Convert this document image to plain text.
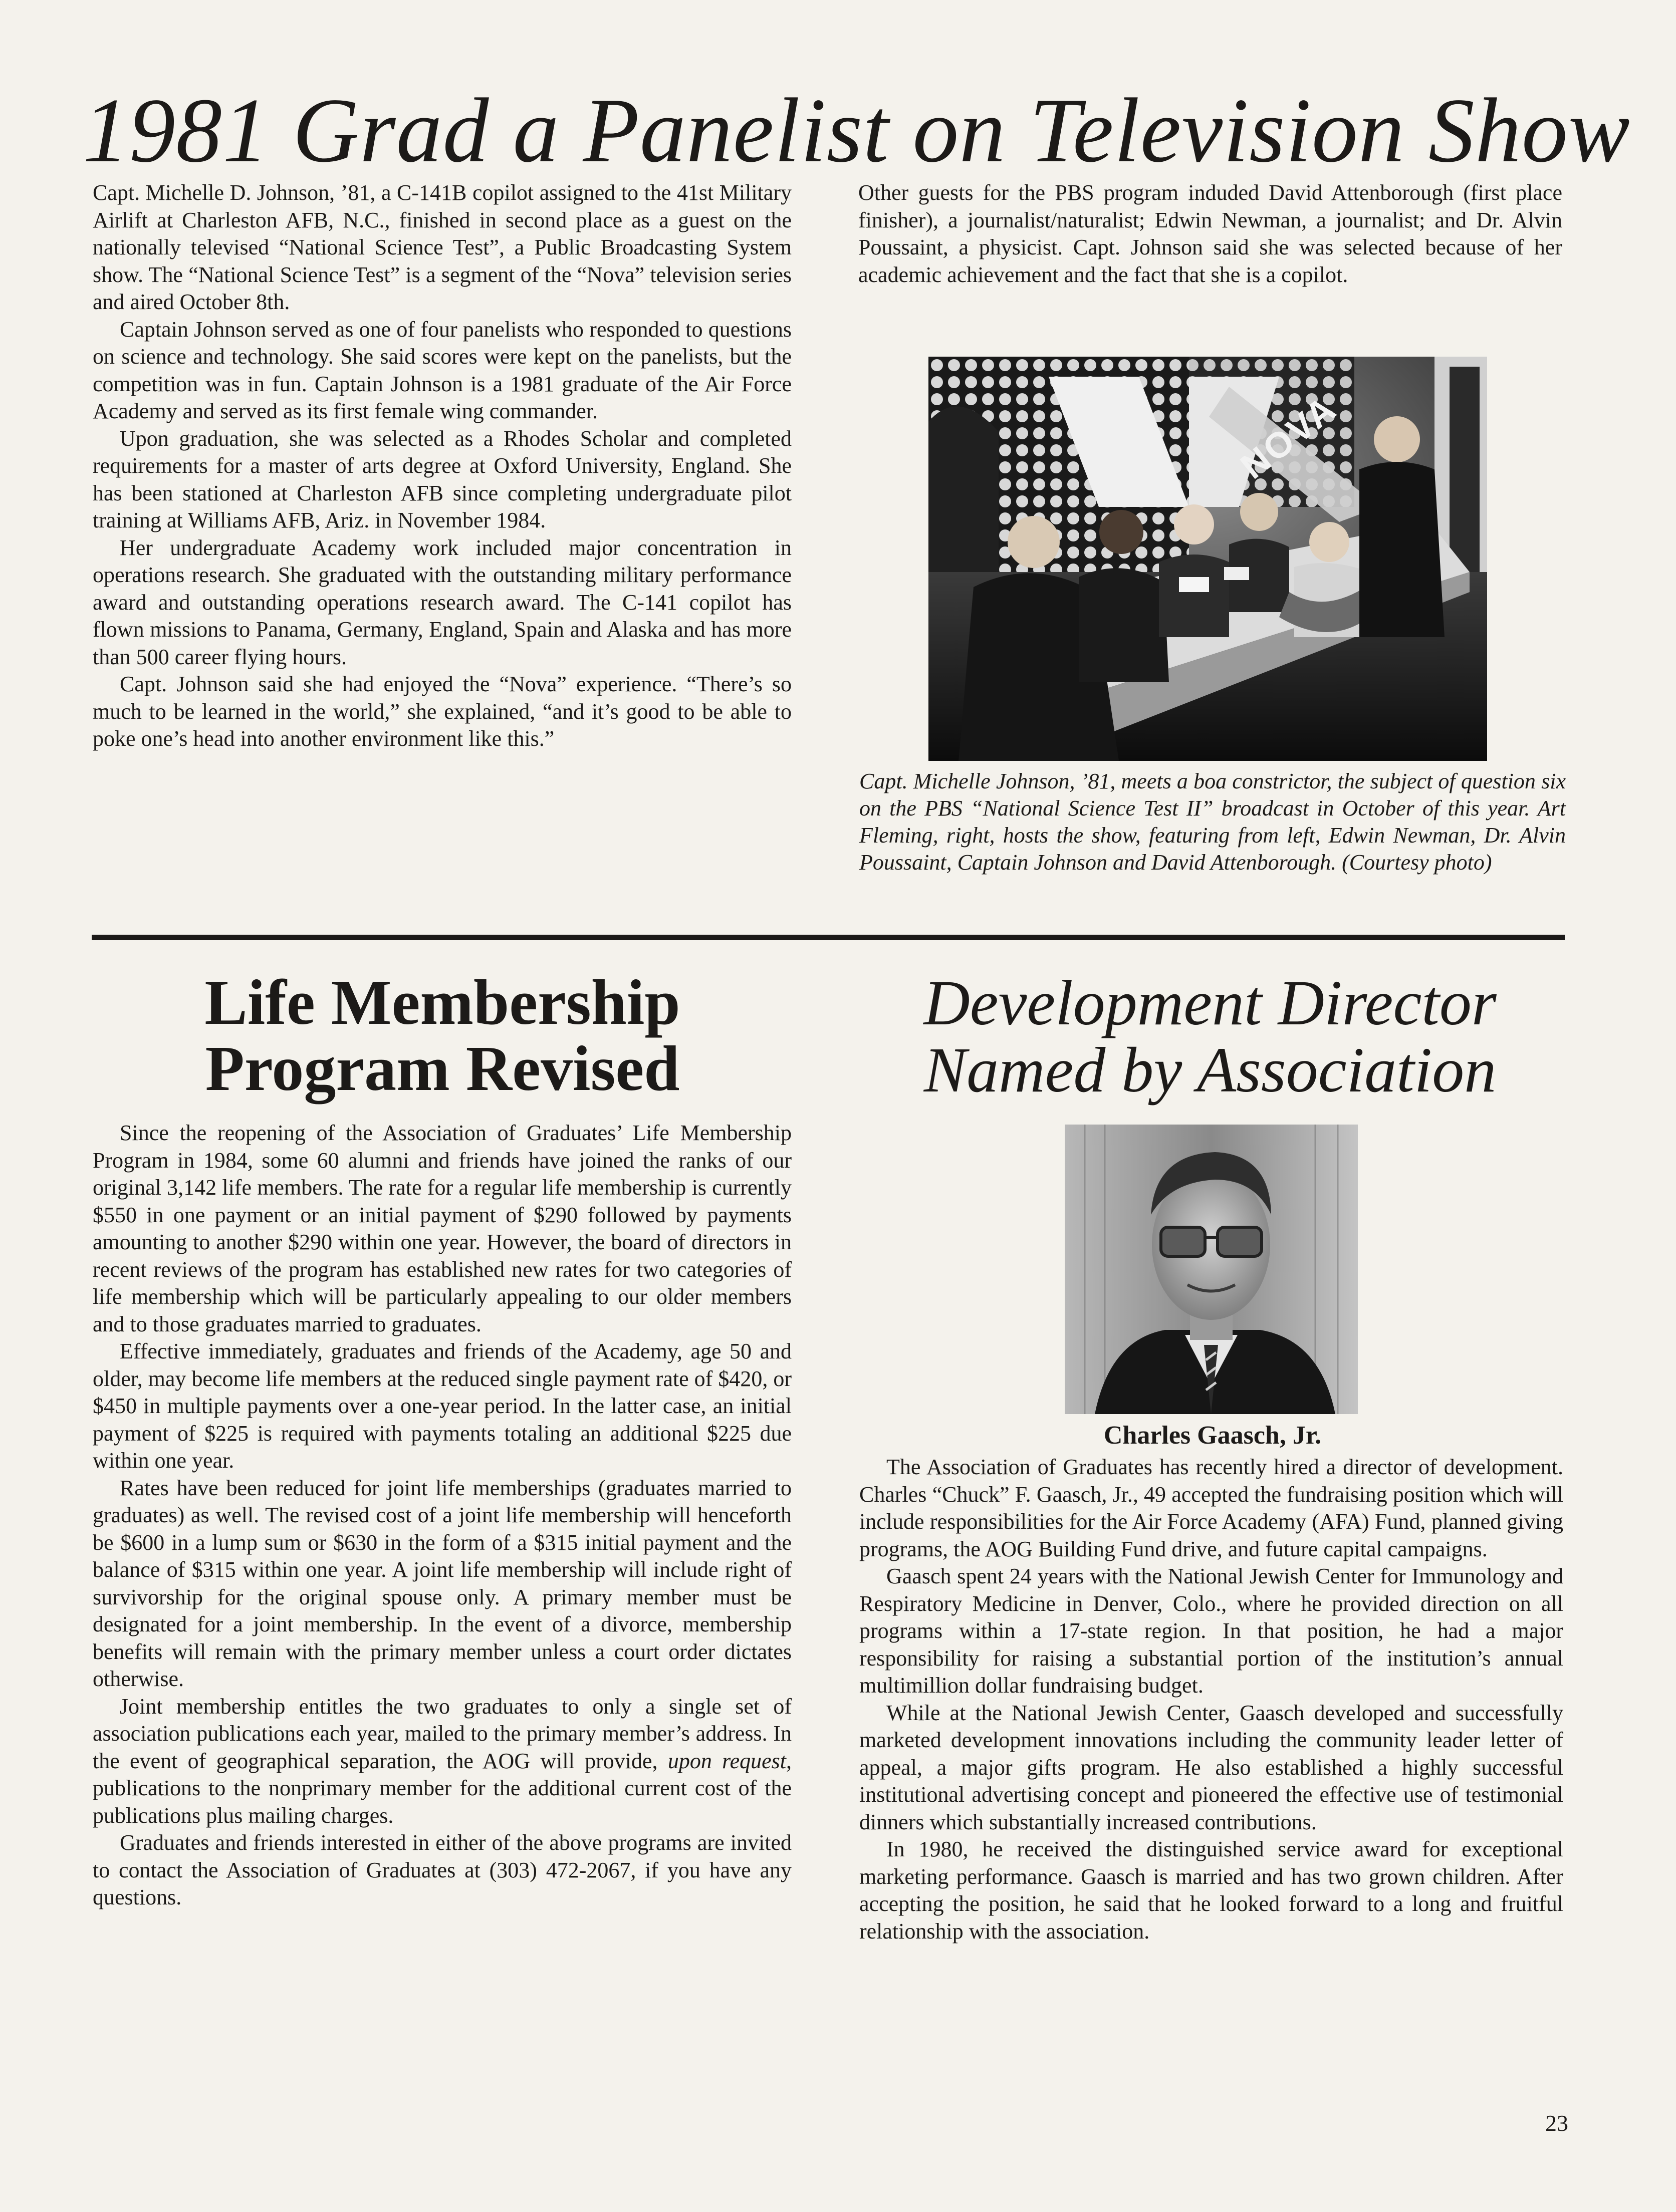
1981 Grad a Panelist on Television Show

Capt. Michelle D. Johnson, ’81, a C-141B copilot assigned to the 41st Military Airlift at Charleston AFB, N.C., finished in second place as a guest on the nationally televised “National Science Test”, a Public Broadcasting System show. The “National Science Test” is a segment of the “Nova” television series and aired October 8th.

Captain Johnson served as one of four panelists who responded to questions on science and technology. She said scores were kept on the panelists, but the competition was in fun. Captain Johnson is a 1981 graduate of the Air Force Academy and served as its first female wing commander.

Upon graduation, she was selected as a Rhodes Scholar and completed requirements for a master of arts degree at Oxford University, England. She has been stationed at Charleston AFB since completing undergraduate pilot training at Williams AFB, Ariz. in November 1984.

Her undergraduate Academy work included major concentration in operations research. She graduated with the outstanding military performance award and outstanding operations research award. The C-141 copilot has flown missions to Panama, Germany, England, Spain and Alaska and has more than 500 career flying hours.

Capt. Johnson said she had enjoyed the “Nova” experience. “There’s so much to be learned in the world,” she explained, “and it’s good to be able to poke one’s head into another environment like this.”

Other guests for the PBS program induded David Attenborough (first place finisher), a journalist/naturalist; Edwin Newman, a journalist; and Dr. Alvin Poussaint, a physicist. Capt. Johnson said she was selected because of her academic achievement and the fact that she is a copilot.

NOVA
Capt. Michelle Johnson, ’81, meets a boa constrictor, the subject of question six on the PBS “National Science Test II” broadcast in October of this year. Art Fleming, right, hosts the show, featuring from left, Edwin Newman, Dr. Alvin Poussaint, Captain Johnson and David Attenborough. (Courtesy photo)
Life Membership
Program Revised

Since the reopening of the Association of Graduates’ Life Membership Program in 1984, some 60 alumni and friends have joined the ranks of our original 3,142 life members. The rate for a regular life membership is currently $550 in one payment or an initial payment of $290 followed by payments amounting to another $290 within one year. However, the board of directors in recent reviews of the program has established new rates for two categories of life membership which will be particularly appealing to our older members and to those graduates married to graduates.

Effective immediately, graduates and friends of the Academy, age 50 and older, may become life members at the reduced single payment rate of $420, or $450 in multiple payments over a one-year period. In the latter case, an initial payment of $225 is required with payments totaling an additional $225 due within one year.

Rates have been reduced for joint life memberships (graduates married to graduates) as well. The revised cost of a joint life membership will henceforth be $600 in a lump sum or $630 in the form of a $315 initial payment and the balance of $315 within one year. A joint life membership will include right of survivorship for the original spouse only. A primary member must be designated for a joint membership. In the event of a divorce, membership benefits will remain with the primary member unless a court order dictates otherwise.

Joint membership entitles the two graduates to only a single set of association publications each year, mailed to the primary member’s address. In the event of geographical separation, the AOG will provide, upon request, publications to the nonprimary member for the additional current cost of the publications plus mailing charges.

Graduates and friends interested in either of the above programs are invited to contact the Association of Graduates at (303) 472-2067, if you have any questions.

Development Director
Named by Association
Charles Gaasch, Jr.

The Association of Graduates has recently hired a director of development. Charles “Chuck” F. Gaasch, Jr., 49 accepted the fundraising position which will include responsibilities for the Air Force Academy (AFA) Fund, planned giving programs, the AOG Building Fund drive, and future capital campaigns.

Gaasch spent 24 years with the National Jewish Center for Immunology and Respiratory Medicine in Denver, Colo., where he provided direction on all programs within a 17-state region. In that position, he had a major responsibility for raising a substantial portion of the institution’s annual multimillion dollar fundraising budget.

While at the National Jewish Center, Gaasch developed and successfully marketed development innovations including the community leader letter of appeal, a major gifts program. He also established a highly successful institutional advertising concept and pioneered the effective use of testimonial dinners which substantially increased contributions.

In 1980, he received the distinguished service award for exceptional marketing performance. Gaasch is married and has two grown children. After accepting the position, he said that he looked forward to a long and fruitful relationship with the association.

23
